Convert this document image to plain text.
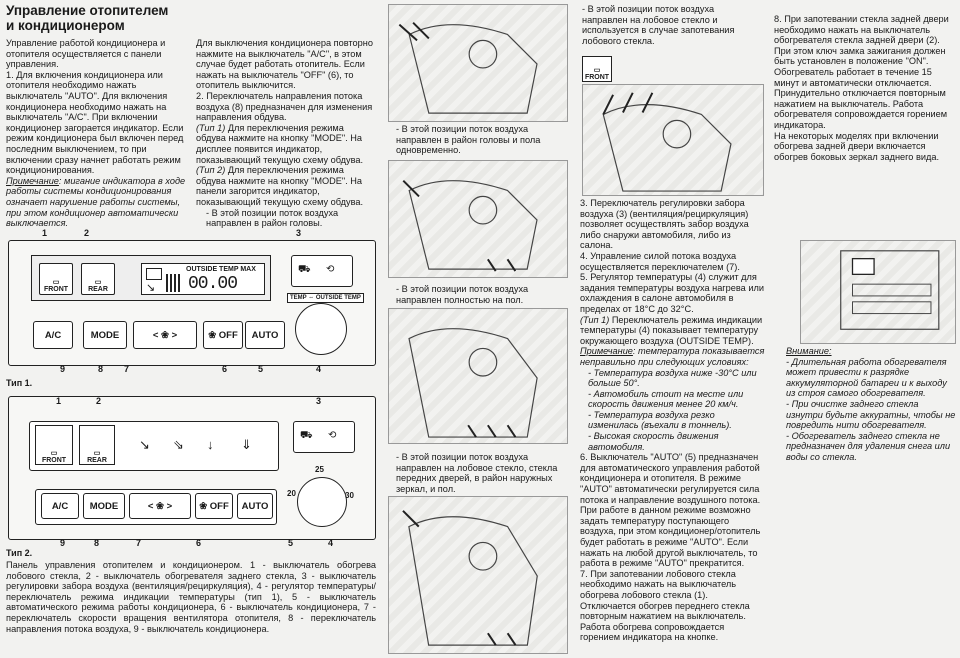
Управление отопителем
и кондиционером

Управление работой кондиционера и отопителя осуществляется с панели управления.

1. Для включения кондиционера или отопителя необходимо нажать выключатель "AUTO". Для включения кондиционера необходимо нажать на выключатель "A/C". При включении кондиционер загорается индикатор. Если режим кондиционера был включен перед последним выключением, то при включении сразу начнет работать режим кондиционирования.

Примечание: мигание индикатора в ходе работы системы кондиционирования означает нарушение работы системы, при этом кондиционер автоматически выключается.

Для выключения кондиционера повторно нажмите на выключатель "A/C", в этом случае будет работать отопитель. Если нажать на выключатель "OFF" (6), то отопитель выключится.

2. Переключатель направления потока воздуха (8) предназначен для изменения направления обдува.

(Тип 1) Для переключения режима обдува нажмите на кнопку "MODE". На дисплее появится индикатор, показывающий текущую схему обдува.

(Тип 2) Для переключения режима обдува нажмите на кнопку "MODE". На панели загорится индикатор, показывающий текущую схему обдува.

- В этой позиции поток воздуха направлен в район головы.

▭
FRONT
▭
REAR	↘
OUTSIDE TEMP MAX
00.00
⛟ ⟲
TEMP ⇔ OUTSIDE TEMP
A/C	MODE	< ❀ >	❀ OFF	AUTO
1	2	3
4
5
6
7
8
9
Тип 1.
▭
FRONT
▭
REAR
↘ ⇘ ↓ ⇓
⛟ ⟲
25
20	30
A/C	MODE	< ❀ >	❀ OFF	AUTO
1	2	3
4
5
6
7
8
9
Тип 2.
Панель управления отопителем и кондиционером. 1 - выключатель обогрева лобового стекла, 2 - выключатель обогревателя заднего стекла, 3 - выключатель регулировки забора воздуха (вентиляция/рециркуляция), 4 - регулятор температуры/переключатель режима индикации температуры (тип 1), 5 - выключатель автоматического режима работы кондиционера, 6 - выключатель кондиционера, 7 - переключатель скорости вращения вентилятора отопителя, 8 - переключатель направления потока воздуха, 9 - выключатель кондиционера.
- В этой позиции поток воздуха направлен в район головы и пола одновременно.
- В этой позиции поток воздуха направлен полностью на пол.
- В этой позиции поток воздуха направлен на лобовое стекло, стекла передних дверей, в район наружных зеркал, и пол.
- В этой позиции поток воздуха направлен на лобовое стекло и используется в случае запотевания лобового стекла.
▭
FRONT

3. Переключатель регулировки забора воздуха (3) (вентиляция/рециркуляция) позволяет осуществлять забор воздуха либо снаружи автомобиля, либо из салона.

4. Управление силой потока воздуха осуществляется переключателем (7).

5. Регулятор температуры (4) служит для задания температуры воздуха нагрева или охлаждения в салоне автомобиля в пределах от 18°С до 32°С.

(Тип 1) Переключатель режима индикации температуры (4) показывает температуру окружающего воздуха (OUTSIDE TEMP).

Примечание: температура показывается неправильно при следующих условиях:

- Температура воздуха ниже -30°С или больше 50°.

- Автомобиль стоит на месте или скорость движения менее 20 км/ч.

- Температура воздуха резко изменилась (въехали в тоннель).

- Высокая скорость движения автомобиля.

6. Выключатель "AUTO" (5) предназначен для автоматического управления работой кондиционера и отопителя. В режиме "AUTO" автоматически регулируется сила потока и направление воздушного потока. При работе в данном режиме возможно задать температуру поступающего воздуха, при этом кондиционер/отопитель будет работать в режиме "AUTO". Если нажать на любой другой выключатель, то работа в режиме "AUTO" прекратится.

7. При запотевании лобового стекла необходимо нажать на выключатель обогрева лобового стекла (1). Отключается обогрев переднего стекла повторным нажатием на выключатель. Работа обогрева сопровождается горением индикатора на кнопке.

8. При запотевании стекла задней двери необходимо нажать на выключатель обогревателя стекла задней двери (2). При этом ключ замка зажигания должен быть установлен в положение "ON". Обогреватель работает в течение 15 минут и автоматически отключается. Принудительно отключается повторным нажатием на выключатель. Работа обогревателя сопровождается горением индикатора.

На некоторых моделях при включении обогрева задней двери включается обогрев боковых зеркал заднего вида.

Внимание:

- Длительная работа обогревателя может привести к разрядке аккумуляторной батареи и к выходу из строя самого обогревателя.

- При очистке заднего стекла изнутри будьте аккуратны, чтобы не повредить нити обогревателя.

- Обогреватель заднего стекла не предназначен для удаления снега или воды со стекла.
